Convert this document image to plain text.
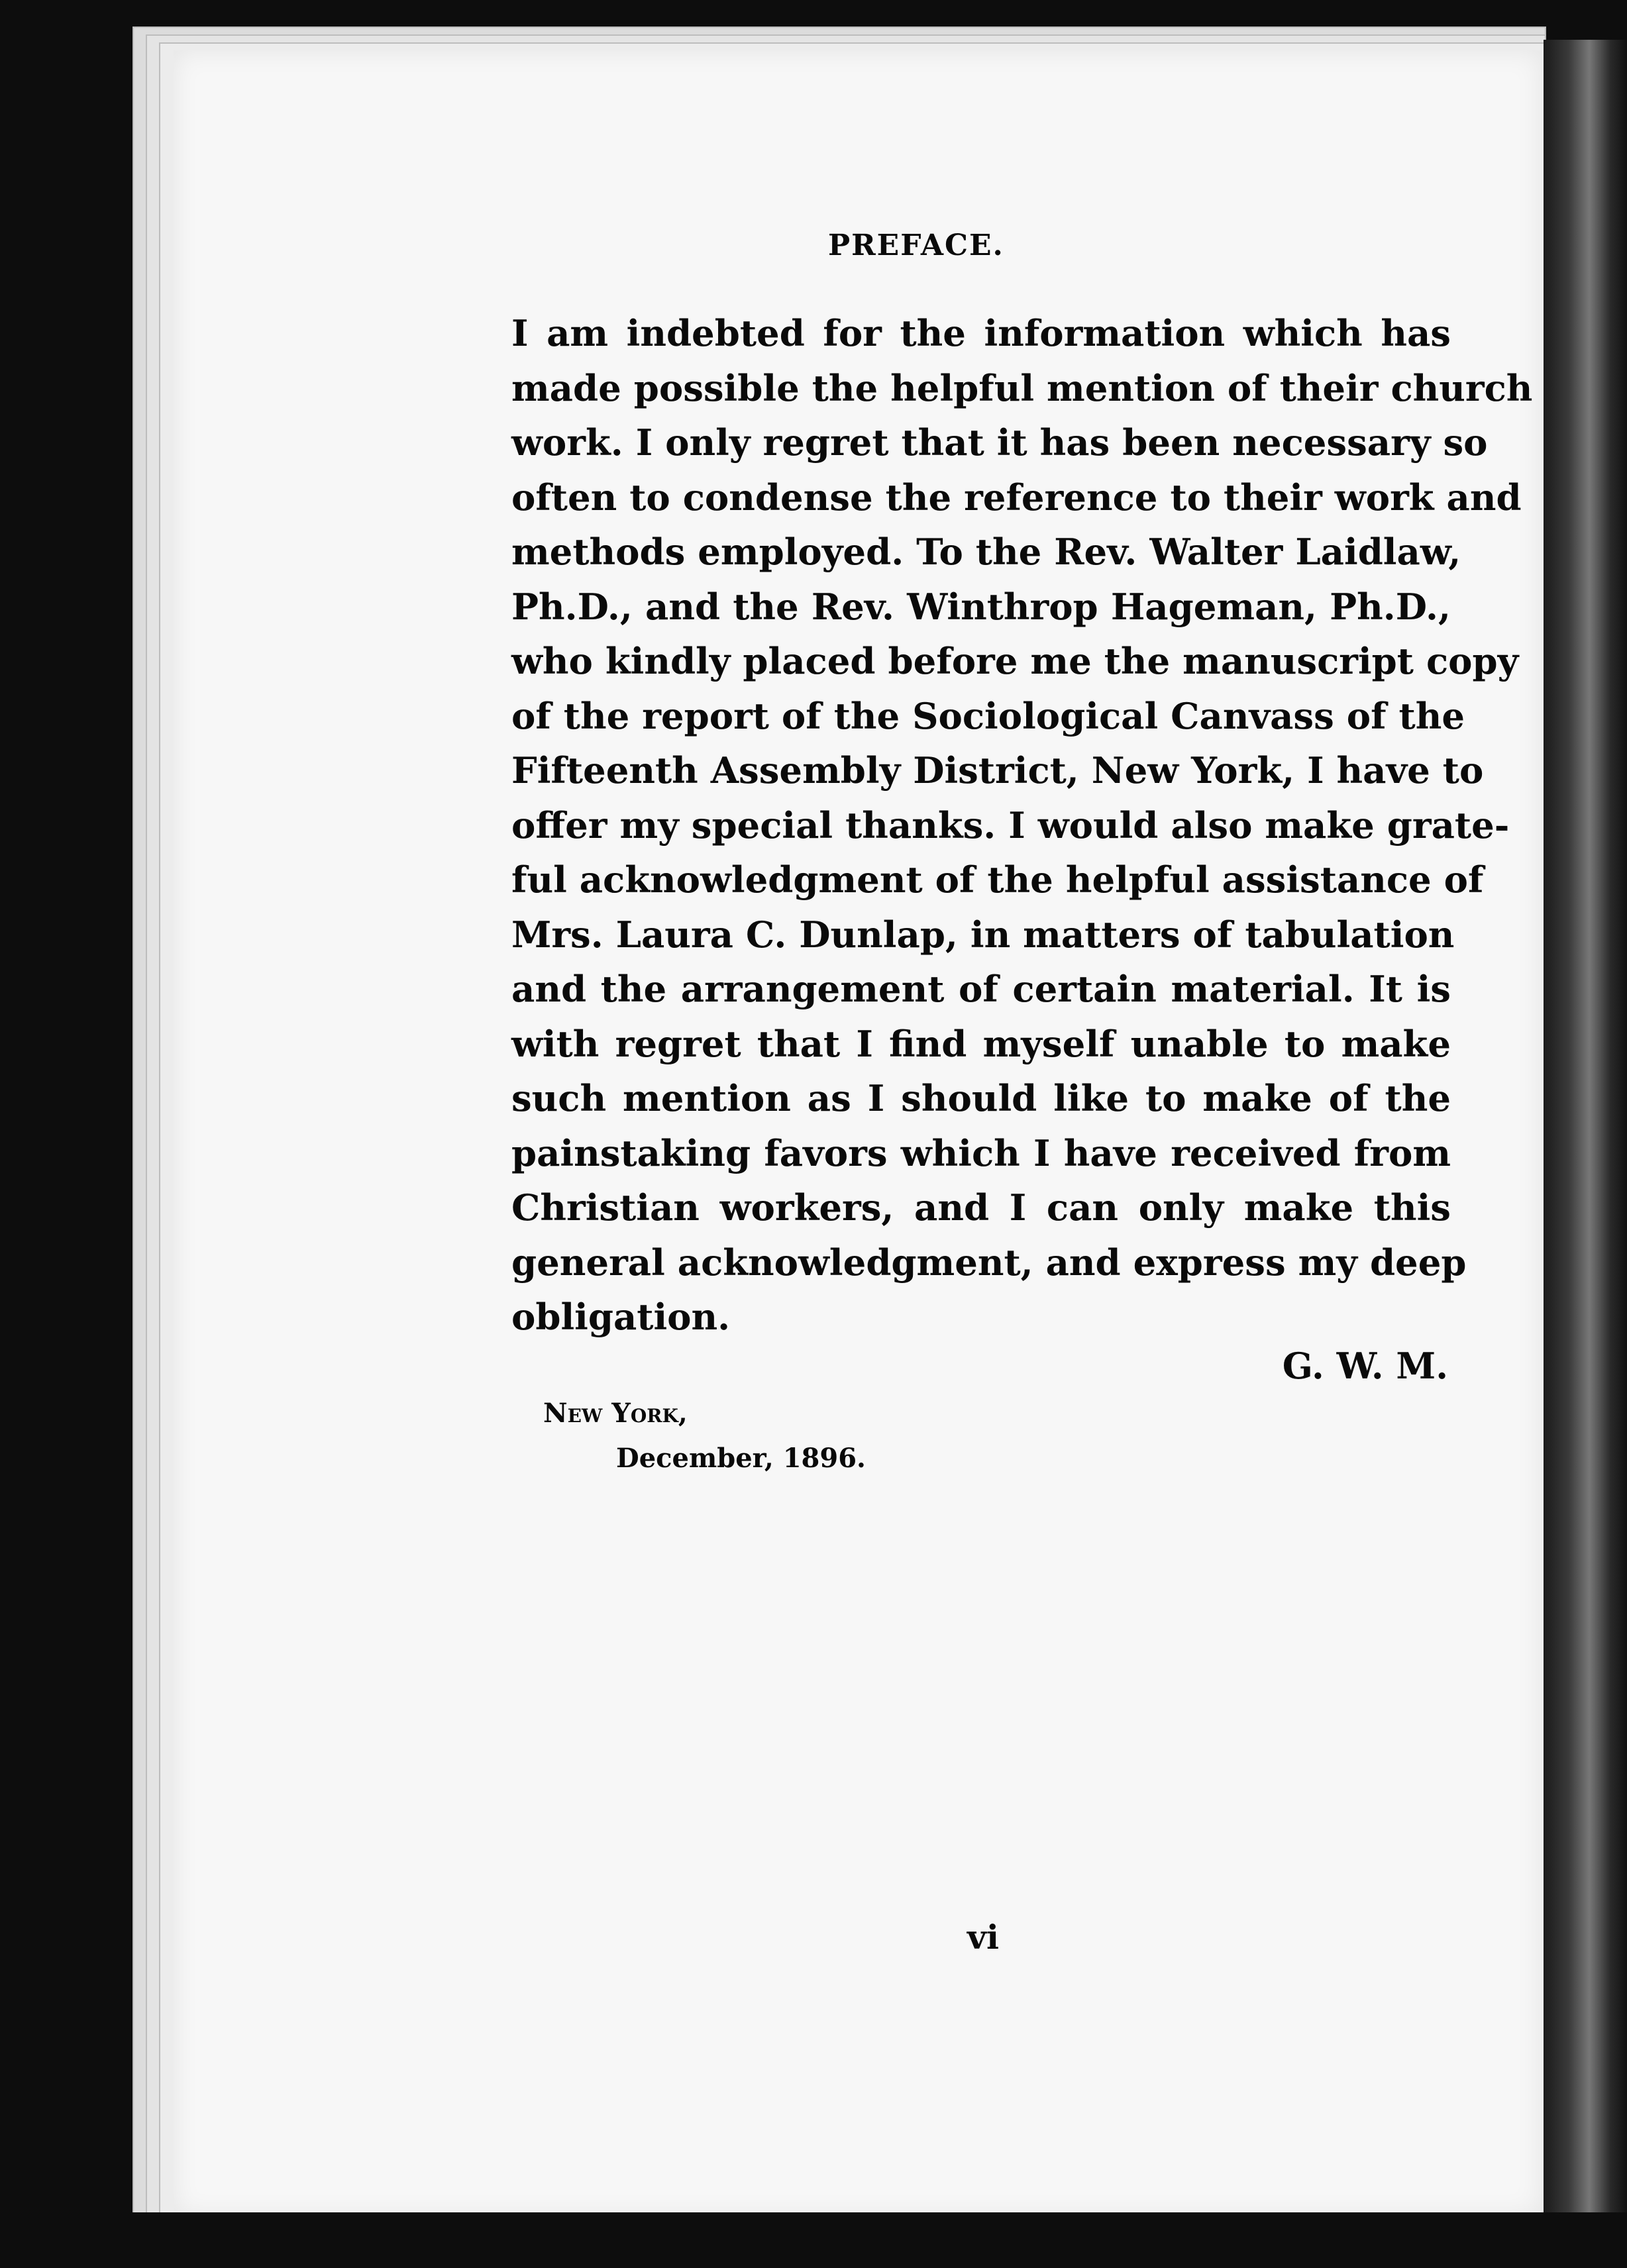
PREFACE.
I am indebted for the information which has
made possible the helpful mention of their church
work. I only regret that it has been necessary so
often to condense the reference to their work and
methods employed. To the Rev. Walter Laidlaw,
Ph.D., and the Rev. Winthrop Hageman, Ph.D.,
who kindly placed before me the manuscript copy
of the report of the Sociological Canvass of the
Fifteenth Assembly District, New York, I have to
offer my special thanks. I would also make grate-
ful acknowledgment of the helpful assistance of
Mrs. Laura C. Dunlap, in matters of tabulation
and the arrangement of certain material. It is
with regret that I find myself unable to make
such mention as I should like to make of the
painstaking favors which I have received from
Christian workers, and I can only make this
general acknowledgment, and express my deep
obligation.
G. W. M.
New York,
December, 1896.
vi
